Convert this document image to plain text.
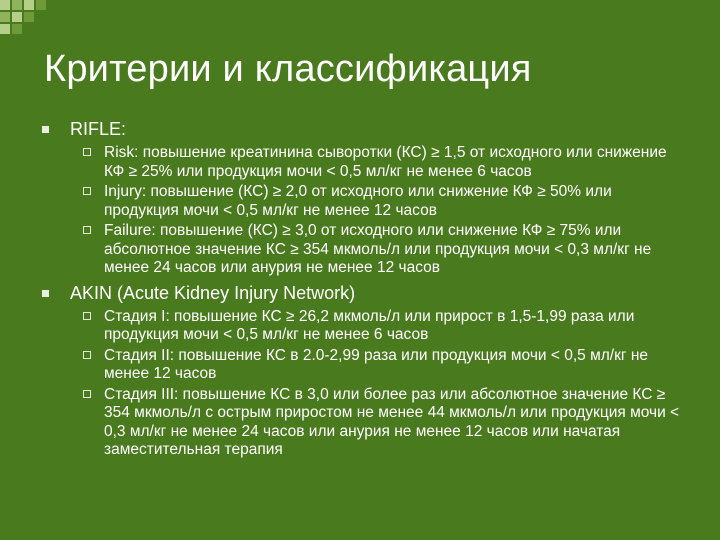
Критерии и классификация
RIFLE:
Risk: повышение креатинина сыворотки (КС) ≥ 1,5 от исходного или снижение КФ ≥ 25% или продукция мочи < 0,5 мл/кг не менее 6 часов
Injury: повышение (КС) ≥ 2,0 от исходного или снижение КФ ≥ 50% или продукция мочи < 0,5 мл/кг не менее 12 часов
Failure: повышение (КС) ≥ 3,0 от исходного или снижение КФ ≥ 75% или абсолютное значение КС ≥ 354 мкмоль/л или продукция мочи < 0,3 мл/кг не менее 24 часов или анурия не менее 12 часов
AKIN (Acute Kidney Injury Network)
Стадия I: повышение КС ≥ 26,2 мкмоль/л или прирост в 1,5-1,99 раза или продукция мочи < 0,5 мл/кг не менее 6 часов
Стадия II: повышение КС в 2.0-2,99 раза или продукция мочи < 0,5 мл/кг не менее 12 часов
Стадия III: повышение КС в 3,0 или более раз или абсолютное значение КС ≥ 354 мкмоль/л с острым приростом не менее 44 мкмоль/л или продукция мочи < 0,3 мл/кг не менее 24 часов или анурия не менее 12 часов или начатая заместительная терапия
